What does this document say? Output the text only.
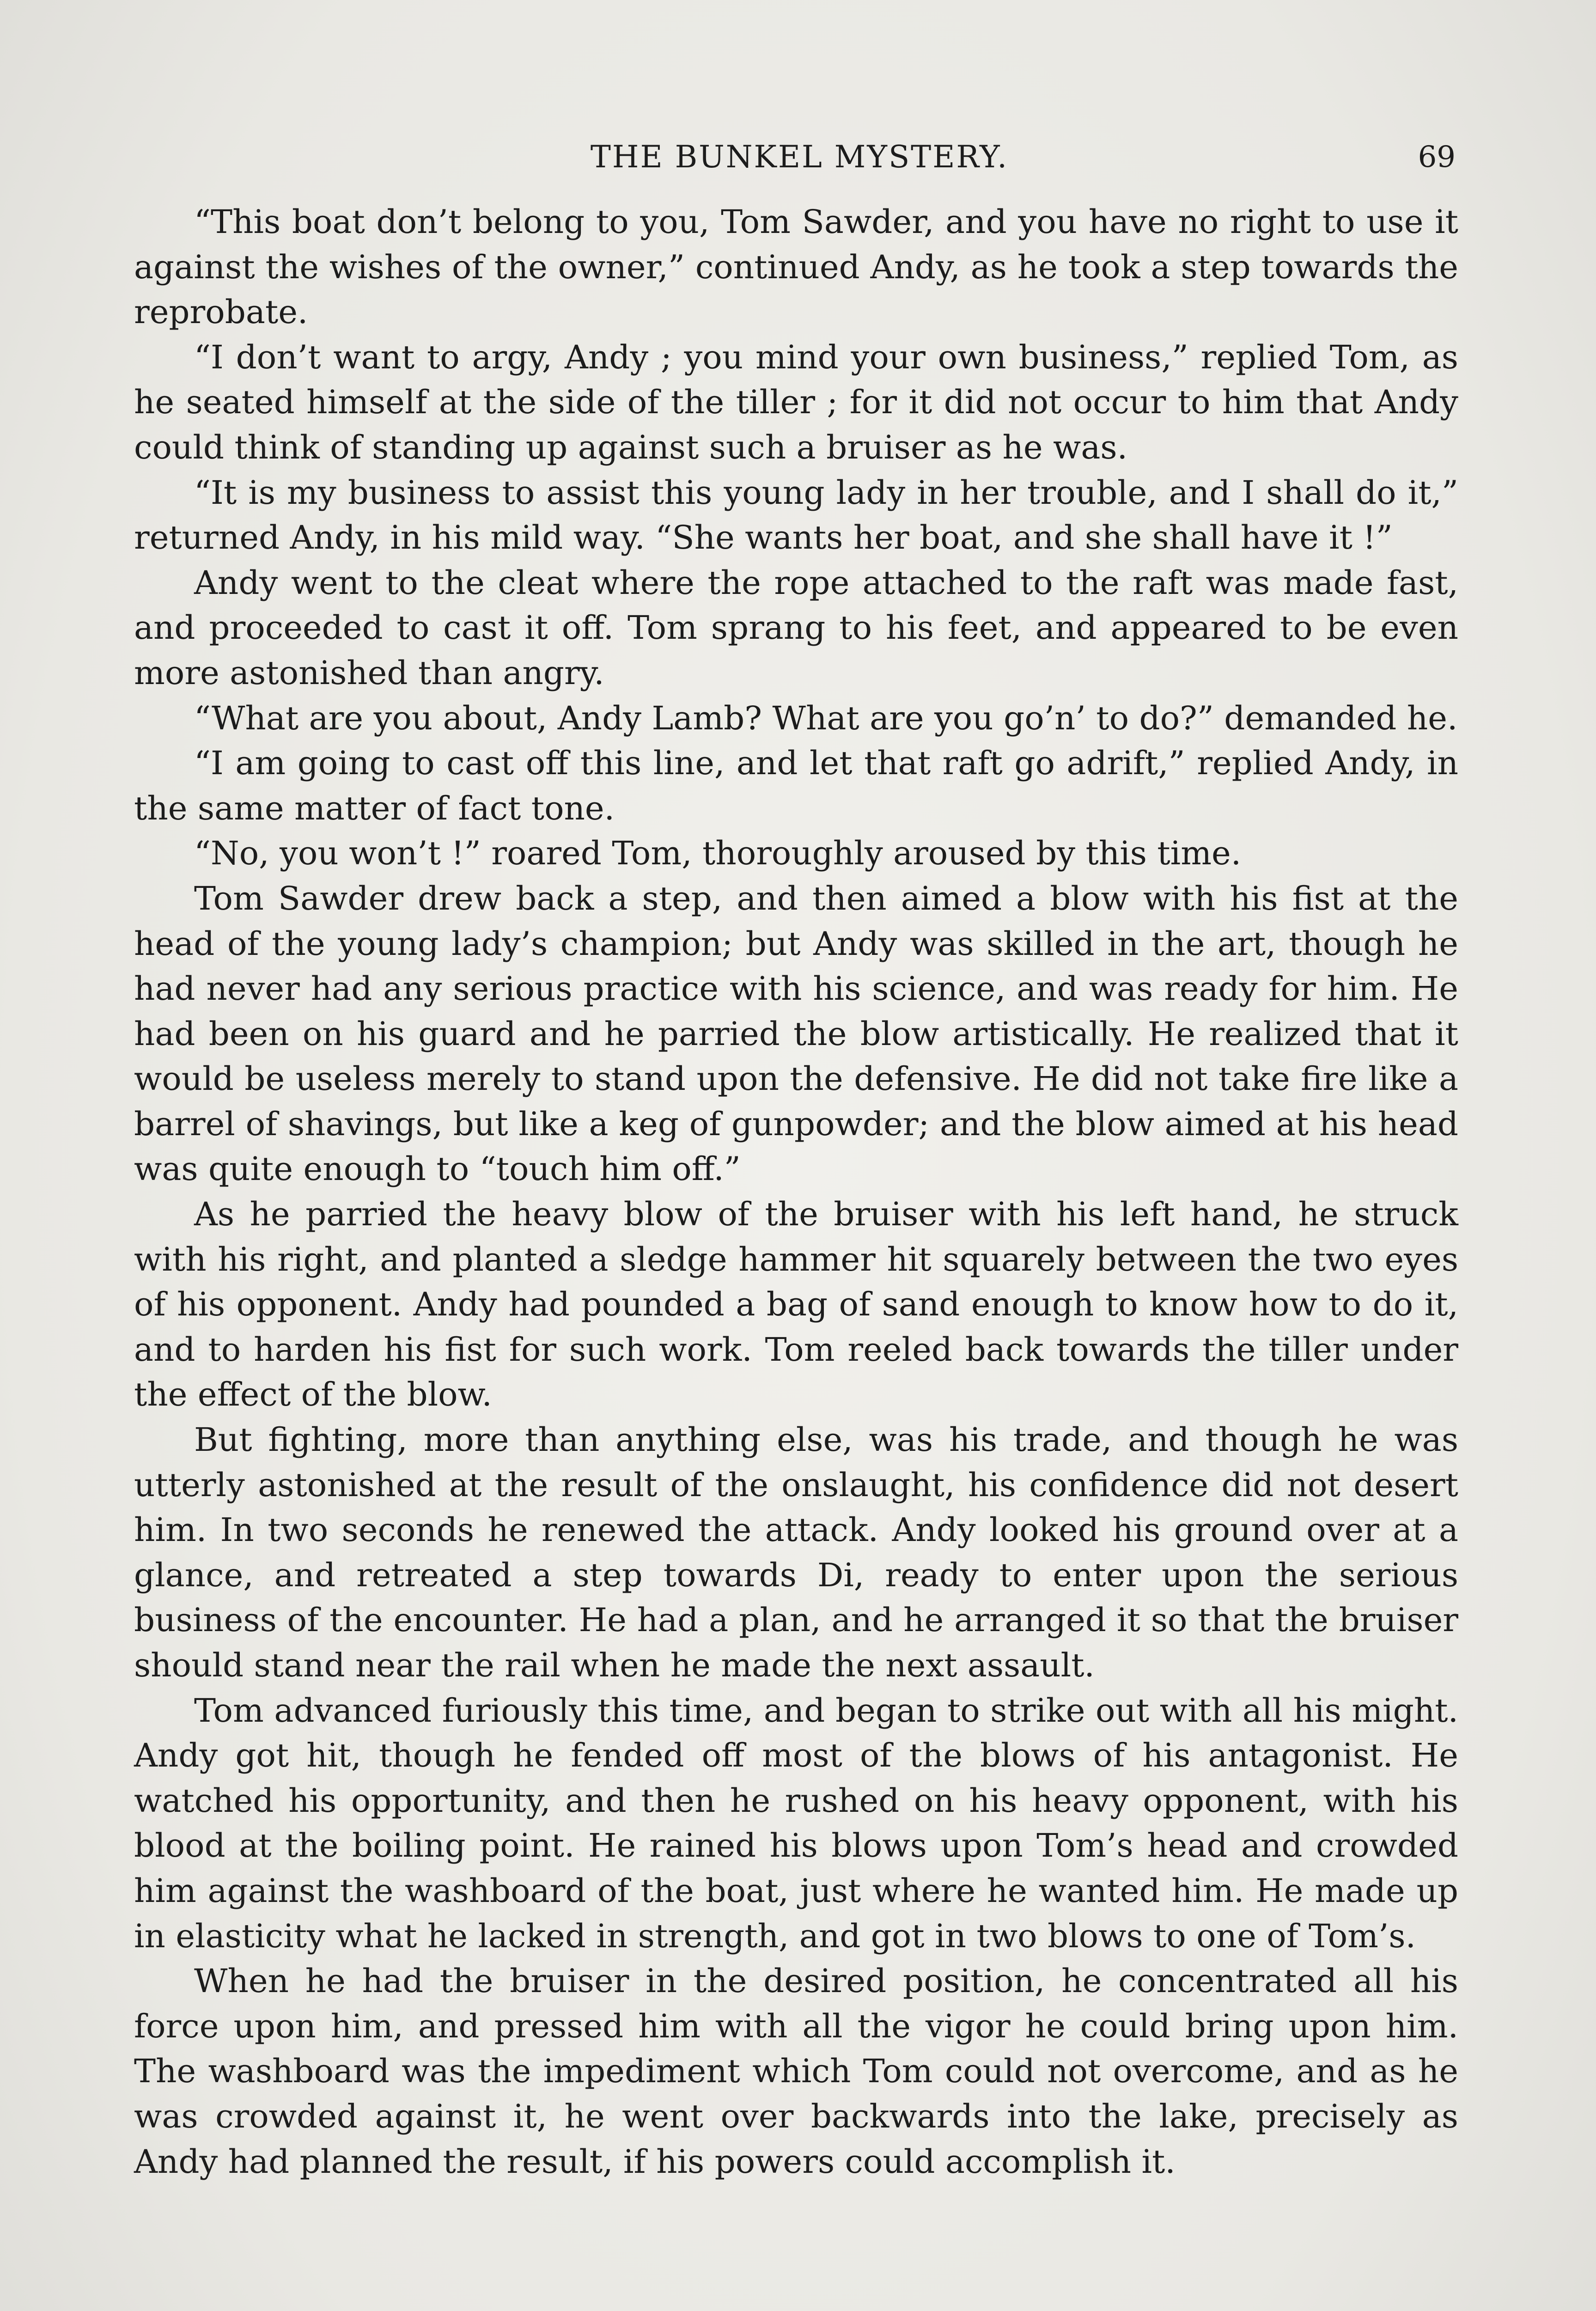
THE BUNKEL MYSTERY.	69

“This boat don’t belong to you, Tom Sawder, and you have no right to use it against the wishes of the owner,” continued Andy, as he took a step towards the reprobate.

“I don’t want to argy, Andy ; you mind your own business,” replied Tom, as he seated himself at the side of the tiller ; for it did not occur to him that Andy could think of standing up against such a bruiser as he was.

“It is my business to assist this young lady in her trouble, and I shall do it,” returned Andy, in his mild way. “She wants her boat, and she shall have it !”

Andy went to the cleat where the rope attached to the raft was made fast, and proceeded to cast it off. Tom sprang to his feet, and appeared to be even more astonished than angry.

“What are you about, Andy Lamb? What are you go’n’ to do?” demanded he.

“I am going to cast off this line, and let that raft go adrift,” replied Andy, in the same matter of fact tone.

“No, you won’t !” roared Tom, thoroughly aroused by this time.

Tom Sawder drew back a step, and then aimed a blow with his fist at the head of the young lady’s champion; but Andy was skilled in the art, though he had never had any serious practice with his science, and was ready for him. He had been on his guard and he parried the blow artistically. He realized that it would be useless merely to stand upon the defensive. He did not take fire like a barrel of shavings, but like a keg of gunpowder; and the blow aimed at his head was quite enough to “touch him off.”

As he parried the heavy blow of the bruiser with his left hand, he struck with his right, and planted a sledge hammer hit squarely between the two eyes of his opponent. Andy had pounded a bag of sand enough to know how to do it, and to harden his fist for such work. Tom reeled back towards the tiller under the effect of the blow.

But fighting, more than anything else, was his trade, and though he was utterly astonished at the result of the onslaught, his confidence did not desert him. In two seconds he renewed the attack. Andy looked his ground over at a glance, and retreated a step towards Di, ready to enter upon the serious business of the encounter. He had a plan, and he arranged it so that the bruiser should stand near the rail when he made the next assault.

Tom advanced furiously this time, and began to strike out with all his might. Andy got hit, though he fended off most of the blows of his antagonist. He watched his opportunity, and then he rushed on his heavy opponent, with his blood at the boiling point. He rained his blows upon Tom’s head and crowded him against the washboard of the boat, just where he wanted him. He made up in elasticity what he lacked in strength, and got in two blows to one of Tom’s.

When he had the bruiser in the desired position, he concentrated all his force upon him, and pressed him with all the vigor he could bring upon him. The washboard was the impediment which Tom could not overcome, and as he was crowded against it, he went over backwards into the lake, precisely as Andy had planned the result, if his powers could accomplish it.
